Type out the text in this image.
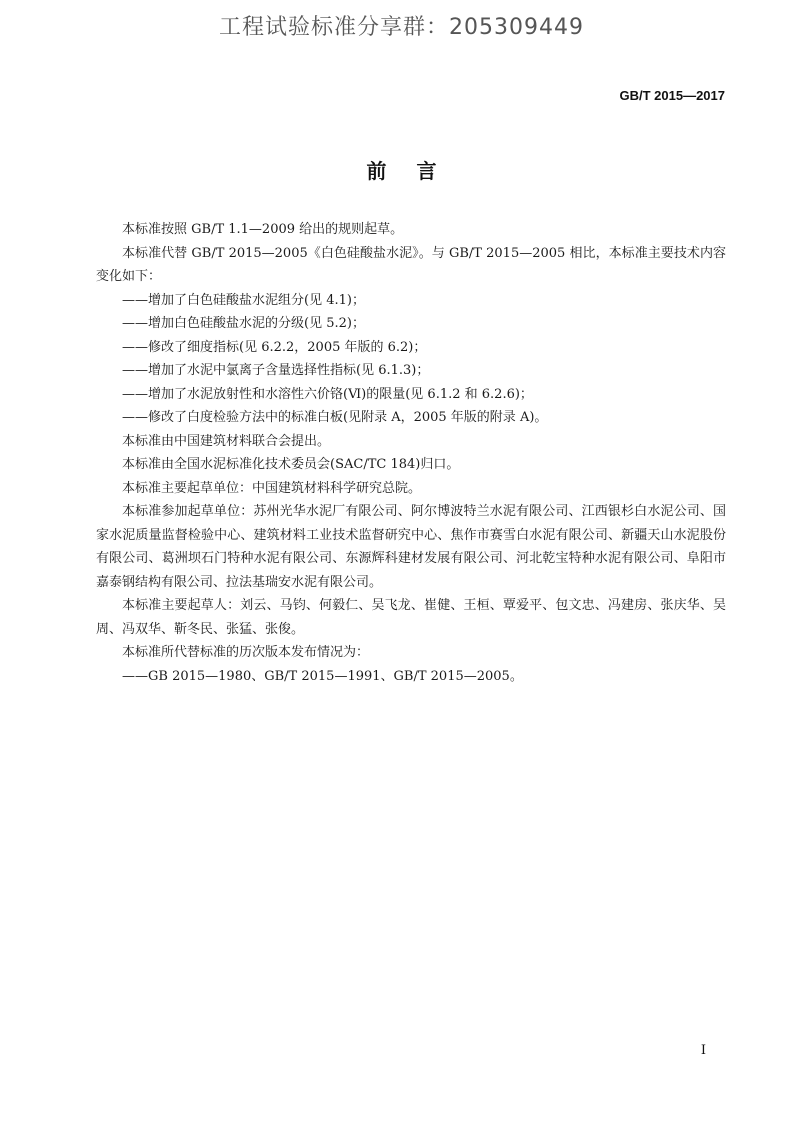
工程试验标准分享群：205309449
GB/T 2015—2017
前言

本标准按照 GB/T 1.1—2009 给出的规则起草。

本标准代替 GB/T 2015—2005《白色硅酸盐水泥》。与 GB/T 2015—2005 相比，本标准主要技术内容变化如下：

——增加了白色硅酸盐水泥组分(见 4.1)；

——增加白色硅酸盐水泥的分级(见 5.2)；

——修改了细度指标(见 6.2.2，2005 年版的 6.2)；

——增加了水泥中氯离子含量选择性指标(见 6.1.3)；

——增加了水泥放射性和水溶性六价铬(Ⅵ)的限量(见 6.1.2 和 6.2.6)；

——修改了白度检验方法中的标准白板(见附录 A，2005 年版的附录 A)。

本标准由中国建筑材料联合会提出。

本标准由全国水泥标准化技术委员会(SAC/TC 184)归口。

本标准主要起草单位：中国建筑材料科学研究总院。

本标准参加起草单位：苏州光华水泥厂有限公司、阿尔博波特兰水泥有限公司、江西银杉白水泥公司、国家水泥质量监督检验中心、建筑材料工业技术监督研究中心、焦作市赛雪白水泥有限公司、新疆天山水泥股份有限公司、葛洲坝石门特种水泥有限公司、东源辉科建材发展有限公司、河北乾宝特种水泥有限公司、阜阳市嘉泰钢结构有限公司、拉法基瑞安水泥有限公司。

本标准主要起草人：刘云、马钧、何毅仁、吴飞龙、崔健、王桓、覃爱平、包文忠、冯建房、张庆华、吴周、冯双华、靳冬民、张猛、张俊。

本标准所代替标准的历次版本发布情况为：

——GB 2015—1980、GB/T 2015—1991、GB/T 2015—2005。

I
